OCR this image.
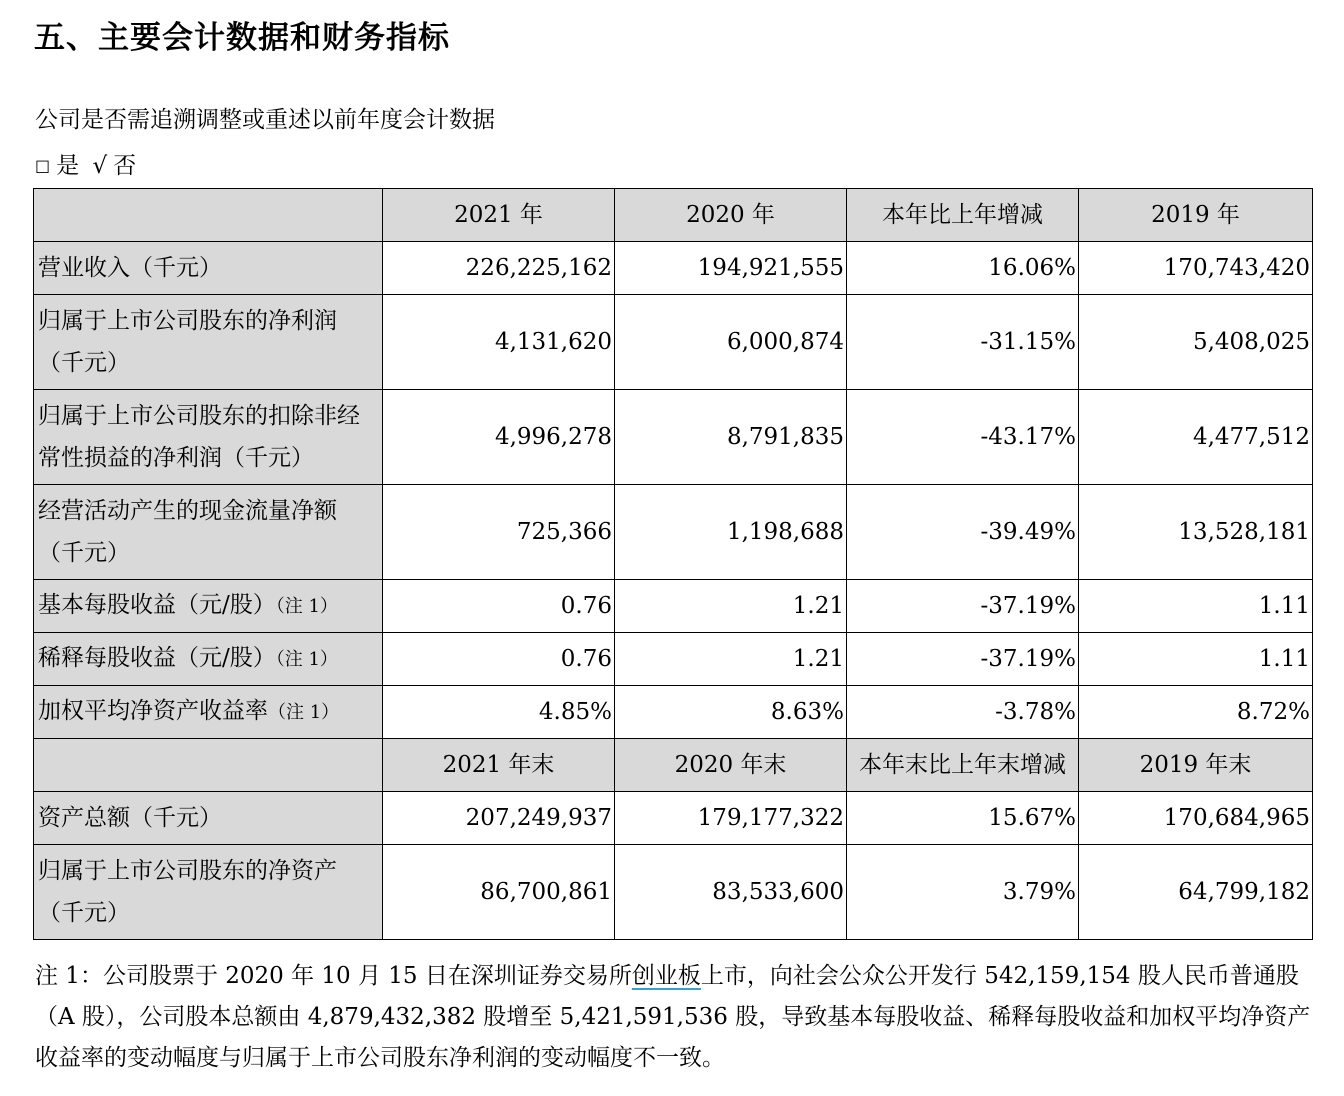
五、主要会计数据和财务指标
公司是否需追溯调整或重述以前年度会计数据
□ 是 √ 否
	2021 年	2020 年	本年比上年增减	2019 年
营业收入（千元）	226,225,162	194,921,555	16.06%	170,743,420
归属于上市公司股东的净利润（千元）	4,131,620	6,000,874	-31.15%	5,408,025
归属于上市公司股东的扣除非经常性损益的净利润（千元）	4,996,278	8,791,835	-43.17%	4,477,512
经营活动产生的现金流量净额（千元）	725,366	1,198,688	-39.49%	13,528,181
基本每股收益（元/股）（注 1）	0.76	1.21	-37.19%	1.11
稀释每股收益（元/股）（注 1）	0.76	1.21	-37.19%	1.11
加权平均净资产收益率（注 1）	4.85%	8.63%	-3.78%	8.72%
	2021 年末	2020 年末	本年末比上年末增减	2019 年末
资产总额（千元）	207,249,937	179,177,322	15.67%	170,684,965
归属于上市公司股东的净资产（千元）	86,700,861	83,533,600	3.79%	64,799,182
注 1：公司股票于 2020 年 10 月 15 日在深圳证券交易所创业板上市，向社会公众公开发行 542,159,154 股人民币普通股（A 股），公司股本总额由 4,879,432,382 股增至 5,421,591,536 股，导致基本每股收益、稀释每股收益和加权平均净资产收益率的变动幅度与归属于上市公司股东净利润的变动幅度不一致。
